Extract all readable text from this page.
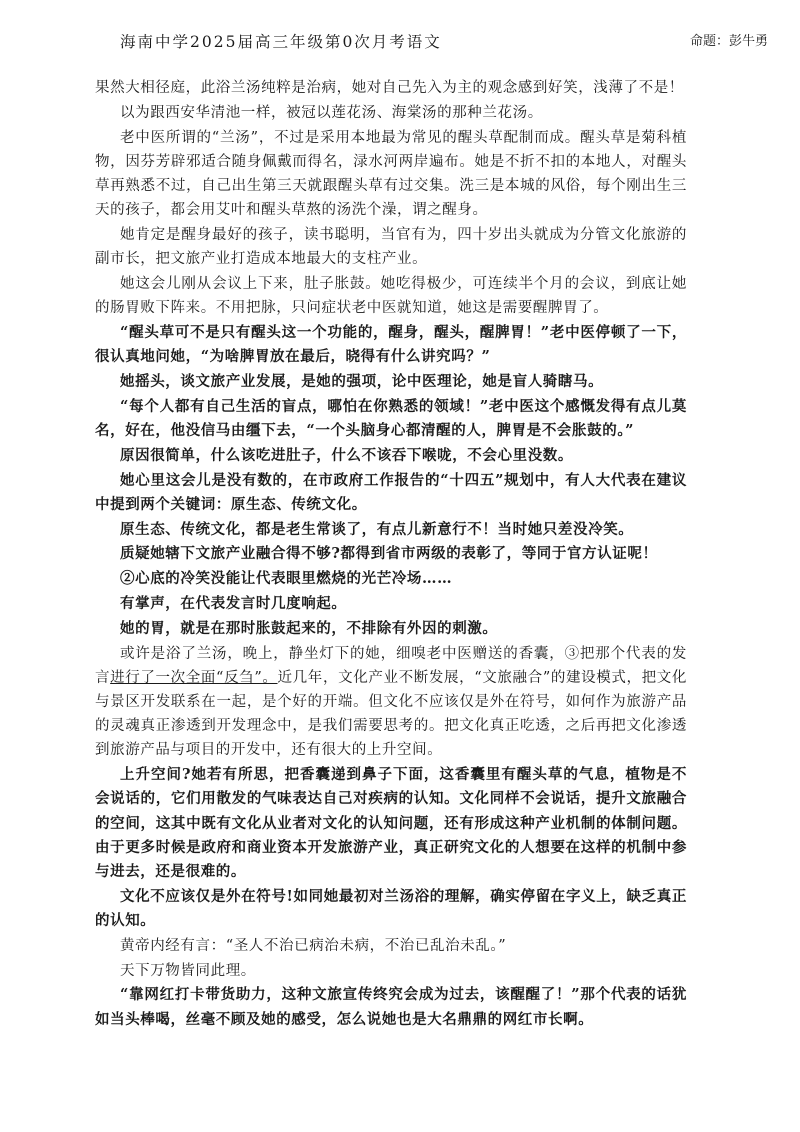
海南中学2025届高三年级第0次月考语文	命题：彭牛勇

果然大相径庭，此浴兰汤纯粹是治病，她对自己先入为主的观念感到好笑，浅薄了不是！

以为跟西安华清池一样，被冠以莲花汤、海棠汤的那种兰花汤。

老中医所谓的“兰汤”，不过是采用本地最为常见的醒头草配制而成。醒头草是菊科植物，因芬芳辟邪适合随身佩戴而得名，渌水河两岸遍布。她是不折不扣的本地人，对醒头草再熟悉不过，自己出生第三天就跟醒头草有过交集。洗三是本城的风俗，每个刚出生三天的孩子，都会用艾叶和醒头草熬的汤洗个澡，谓之醒身。

她肯定是醒身最好的孩子，读书聪明，当官有为，四十岁出头就成为分管文化旅游的副市长，把文旅产业打造成本地最大的支柱产业。

她这会儿刚从会议上下来，肚子胀鼓。她吃得极少，可连续半个月的会议，到底让她的肠胃败下阵来。不用把脉，只问症状老中医就知道，她这是需要醒脾胃了。

“醒头草可不是只有醒头这一个功能的，醒身，醒头，醒脾胃！”老中医停顿了一下，很认真地问她，“为啥脾胃放在最后，晓得有什么讲究吗？”

她摇头，谈文旅产业发展，是她的强项，论中医理论，她是盲人骑瞎马。

“每个人都有自己生活的盲点，哪怕在你熟悉的领域！”老中医这个感慨发得有点儿莫名，好在，他没信马由缰下去，“一个头脑身心都清醒的人，脾胃是不会胀鼓的。”

原因很简单，什么该吃进肚子，什么不该吞下喉咙，不会心里没数。

她心里这会儿是没有数的，在市政府工作报告的“十四五”规划中，有人大代表在建议中提到两个关键词：原生态、传统文化。

原生态、传统文化，都是老生常谈了，有点儿新意行不！当时她只差没冷笑。

质疑她辖下文旅产业融合得不够?都得到省市两级的表彰了，等同于官方认证呢！

②心底的冷笑没能让代表眼里燃烧的光芒冷场……

有掌声，在代表发言时几度响起。

她的胃，就是在那时胀鼓起来的，不排除有外因的刺激。

或许是浴了兰汤，晚上，静坐灯下的她，细嗅老中医赠送的香囊，③把那个代表的发言进行了一次全面“反刍”。近几年，文化产业不断发展，“文旅融合”的建设模式，把文化与景区开发联系在一起，是个好的开端。但文化不应该仅是外在符号，如何作为旅游产品的灵魂真正渗透到开发理念中，是我们需要思考的。把文化真正吃透，之后再把文化渗透到旅游产品与项目的开发中，还有很大的上升空间。

上升空间?她若有所思，把香囊递到鼻子下面，这香囊里有醒头草的气息，植物是不会说话的，它们用散发的气味表达自己对疾病的认知。文化同样不会说话，提升文旅融合的空间，这其中既有文化从业者对文化的认知问题，还有形成这种产业机制的体制问题。由于更多时候是政府和商业资本开发旅游产业，真正研究文化的人想要在这样的机制中参与进去，还是很难的。

文化不应该仅是外在符号!如同她最初对兰汤浴的理解，确实停留在字义上，缺乏真正的认知。

黄帝内经有言：“圣人不治已病治未病，不治已乱治未乱。”

天下万物皆同此理。

“靠网红打卡带货助力，这种文旅宣传终究会成为过去，该醒醒了！”那个代表的话犹如当头棒喝，丝毫不顾及她的感受，怎么说她也是大名鼎鼎的网红市长啊。
